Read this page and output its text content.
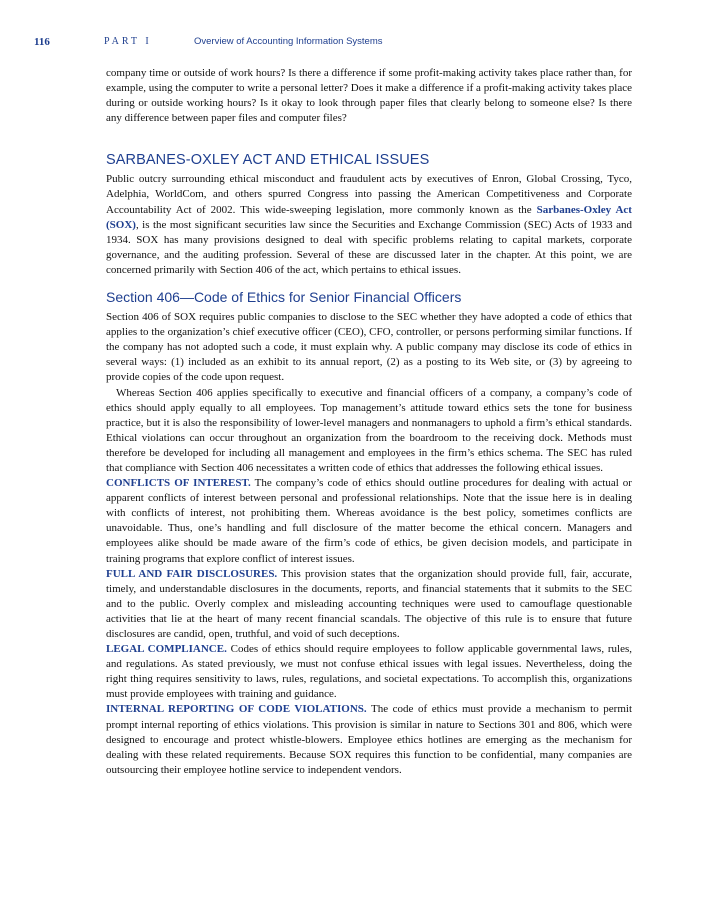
116	PART I	Overview of Accounting Information Systems

company time or outside of work hours? Is there a difference if some profit-making activity takes place rather than, for example, using the computer to write a personal letter? Does it make a difference if a profit-making activity takes place during or outside working hours? Is it okay to look through paper files that clearly belong to someone else? Is there any difference between paper files and computer files?

SARBANES-OXLEY ACT AND ETHICAL ISSUES

Public outcry surrounding ethical misconduct and fraudulent acts by executives of Enron, Global Crossing, Tyco, Adelphia, WorldCom, and others spurred Congress into passing the American Competitiveness and Corporate Accountability Act of 2002. This wide-sweeping legislation, more commonly known as the Sarbanes-Oxley Act (SOX), is the most significant securities law since the Securities and Exchange Commission (SEC) Acts of 1933 and 1934. SOX has many provisions designed to deal with specific problems relating to capital markets, corporate governance, and the auditing profession. Several of these are discussed later in the chapter. At this point, we are concerned primarily with Section 406 of the act, which pertains to ethical issues.

Section 406—Code of Ethics for Senior Financial Officers

Section 406 of SOX requires public companies to disclose to the SEC whether they have adopted a code of ethics that applies to the organization’s chief executive officer (CEO), CFO, controller, or persons performing similar functions. If the company has not adopted such a code, it must explain why. A public company may disclose its code of ethics in several ways: (1) included as an exhibit to its annual report, (2) as a posting to its Web site, or (3) by agreeing to provide copies of the code upon request.

Whereas Section 406 applies specifically to executive and financial officers of a company, a company’s code of ethics should apply equally to all employees. Top management’s attitude toward ethics sets the tone for business practice, but it is also the responsibility of lower-level managers and nonmanagers to uphold a firm’s ethical standards. Ethical violations can occur throughout an organization from the boardroom to the receiving dock. Methods must therefore be developed for including all management and employees in the firm’s ethics schema. The SEC has ruled that compliance with Section 406 necessitates a written code of ethics that addresses the following ethical issues.

CONFLICTS OF INTEREST. The company’s code of ethics should outline procedures for dealing with actual or apparent conflicts of interest between personal and professional relationships. Note that the issue here is in dealing with conflicts of interest, not prohibiting them. Whereas avoidance is the best policy, sometimes conflicts are unavoidable. Thus, one’s handling and full disclosure of the matter become the ethical concern. Managers and employees alike should be made aware of the firm’s code of ethics, be given decision models, and participate in training programs that explore conflict of interest issues.

FULL AND FAIR DISCLOSURES. This provision states that the organization should provide full, fair, accurate, timely, and understandable disclosures in the documents, reports, and financial statements that it submits to the SEC and to the public. Overly complex and misleading accounting techniques were used to camouflage questionable activities that lie at the heart of many recent financial scandals. The objective of this rule is to ensure that future disclosures are candid, open, truthful, and void of such deceptions.

LEGAL COMPLIANCE. Codes of ethics should require employees to follow applicable governmental laws, rules, and regulations. As stated previously, we must not confuse ethical issues with legal issues. Nevertheless, doing the right thing requires sensitivity to laws, rules, regulations, and societal expectations. To accomplish this, organizations must provide employees with training and guidance.

INTERNAL REPORTING OF CODE VIOLATIONS. The code of ethics must provide a mechanism to permit prompt internal reporting of ethics violations. This provision is similar in nature to Sections 301 and 806, which were designed to encourage and protect whistle-blowers. Employee ethics hotlines are emerging as the mechanism for dealing with these related requirements. Because SOX requires this function to be confidential, many companies are outsourcing their employee hotline service to independent vendors.
